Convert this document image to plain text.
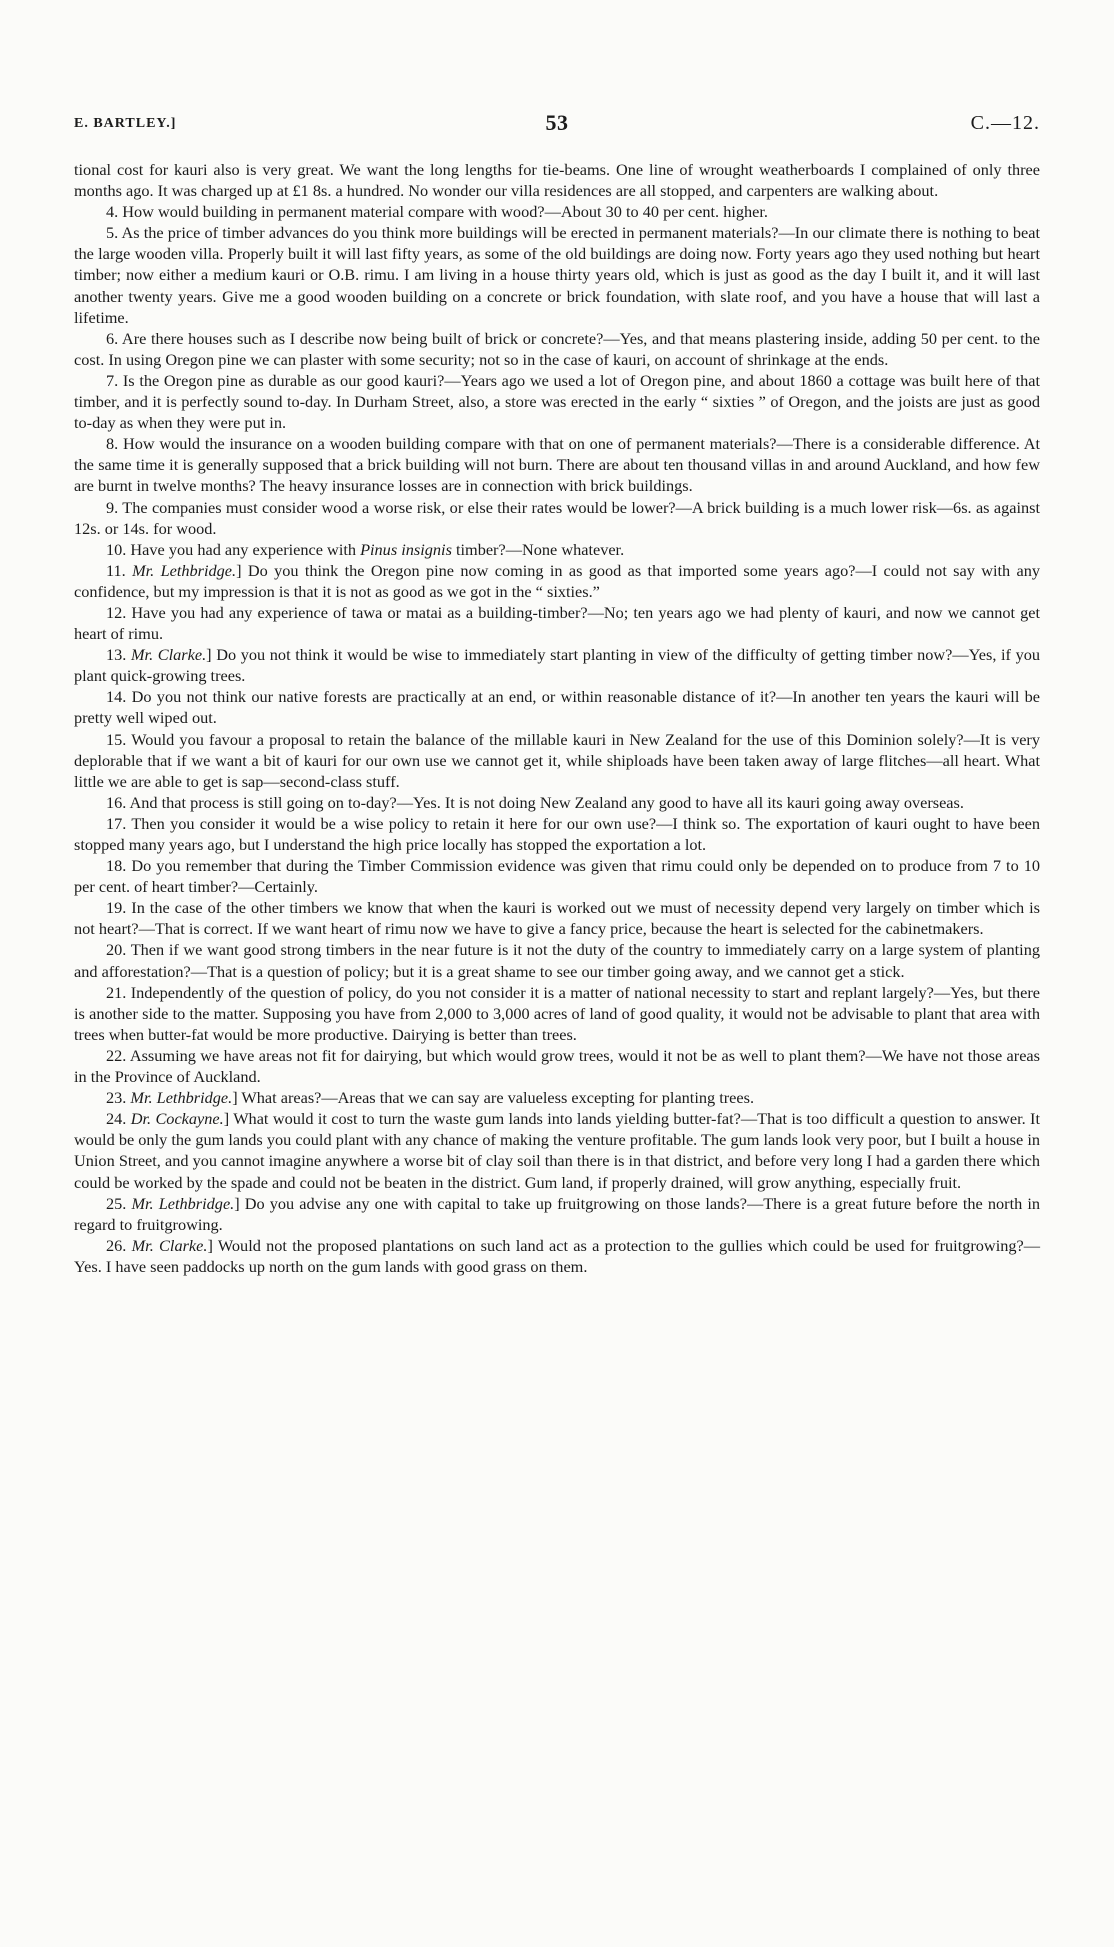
E. BARTLEY.]	53	C.—12.

tional cost for kauri also is very great. We want the long lengths for tie-beams. One line of wrought weatherboards I complained of only three months ago. It was charged up at £1 8s. a hundred. No wonder our villa residences are all stopped, and carpenters are walking about.

4. How would building in permanent material compare with wood?—About 30 to 40 per cent. higher.

5. As the price of timber advances do you think more buildings will be erected in permanent materials?—In our climate there is nothing to beat the large wooden villa. Properly built it will last fifty years, as some of the old buildings are doing now. Forty years ago they used nothing but heart timber; now either a medium kauri or O.B. rimu. I am living in a house thirty years old, which is just as good as the day I built it, and it will last another twenty years. Give me a good wooden building on a concrete or brick foundation, with slate roof, and you have a house that will last a lifetime.

6. Are there houses such as I describe now being built of brick or concrete?—Yes, and that means plastering inside, adding 50 per cent. to the cost. In using Oregon pine we can plaster with some security; not so in the case of kauri, on account of shrinkage at the ends.

7. Is the Oregon pine as durable as our good kauri?—Years ago we used a lot of Oregon pine, and about 1860 a cottage was built here of that timber, and it is perfectly sound to-day. In Durham Street, also, a store was erected in the early “ sixties ” of Oregon, and the joists are just as good to-day as when they were put in.

8. How would the insurance on a wooden building compare with that on one of permanent materials?—There is a considerable difference. At the same time it is generally supposed that a brick building will not burn. There are about ten thousand villas in and around Auckland, and how few are burnt in twelve months? The heavy insurance losses are in connection with brick buildings.

9. The companies must consider wood a worse risk, or else their rates would be lower?—A brick building is a much lower risk—6s. as against 12s. or 14s. for wood.

10. Have you had any experience with Pinus insignis timber?—None whatever.

11. Mr. Lethbridge.] Do you think the Oregon pine now coming in as good as that imported some years ago?—I could not say with any confidence, but my impression is that it is not as good as we got in the “ sixties.”

12. Have you had any experience of tawa or matai as a building-timber?—No; ten years ago we had plenty of kauri, and now we cannot get heart of rimu.

13. Mr. Clarke.] Do you not think it would be wise to immediately start planting in view of the difficulty of getting timber now?—Yes, if you plant quick-growing trees.

14. Do you not think our native forests are practically at an end, or within reasonable distance of it?—In another ten years the kauri will be pretty well wiped out.

15. Would you favour a proposal to retain the balance of the millable kauri in New Zealand for the use of this Dominion solely?—It is very deplorable that if we want a bit of kauri for our own use we cannot get it, while shiploads have been taken away of large flitches—all heart. What little we are able to get is sap—second-class stuff.

16. And that process is still going on to-day?—Yes. It is not doing New Zealand any good to have all its kauri going away overseas.

17. Then you consider it would be a wise policy to retain it here for our own use?—I think so. The exportation of kauri ought to have been stopped many years ago, but I understand the high price locally has stopped the exportation a lot.

18. Do you remember that during the Timber Commission evidence was given that rimu could only be depended on to produce from 7 to 10 per cent. of heart timber?—Certainly.

19. In the case of the other timbers we know that when the kauri is worked out we must of necessity depend very largely on timber which is not heart?—That is correct. If we want heart of rimu now we have to give a fancy price, because the heart is selected for the cabinetmakers.

20. Then if we want good strong timbers in the near future is it not the duty of the country to immediately carry on a large system of planting and afforestation?—That is a question of policy; but it is a great shame to see our timber going away, and we cannot get a stick.

21. Independently of the question of policy, do you not consider it is a matter of national necessity to start and replant largely?—Yes, but there is another side to the matter. Supposing you have from 2,000 to 3,000 acres of land of good quality, it would not be advisable to plant that area with trees when butter-fat would be more productive. Dairying is better than trees.

22. Assuming we have areas not fit for dairying, but which would grow trees, would it not be as well to plant them?—We have not those areas in the Province of Auckland.

23. Mr. Lethbridge.] What areas?—Areas that we can say are valueless excepting for planting trees.

24. Dr. Cockayne.] What would it cost to turn the waste gum lands into lands yielding butter-fat?—That is too difficult a question to answer. It would be only the gum lands you could plant with any chance of making the venture profitable. The gum lands look very poor, but I built a house in Union Street, and you cannot imagine anywhere a worse bit of clay soil than there is in that district, and before very long I had a garden there which could be worked by the spade and could not be beaten in the district. Gum land, if properly drained, will grow anything, especially fruit.

25. Mr. Lethbridge.] Do you advise any one with capital to take up fruitgrowing on those lands?—There is a great future before the north in regard to fruitgrowing.

26. Mr. Clarke.] Would not the proposed plantations on such land act as a protection to the gullies which could be used for fruitgrowing?—Yes. I have seen paddocks up north on the gum lands with good grass on them.
